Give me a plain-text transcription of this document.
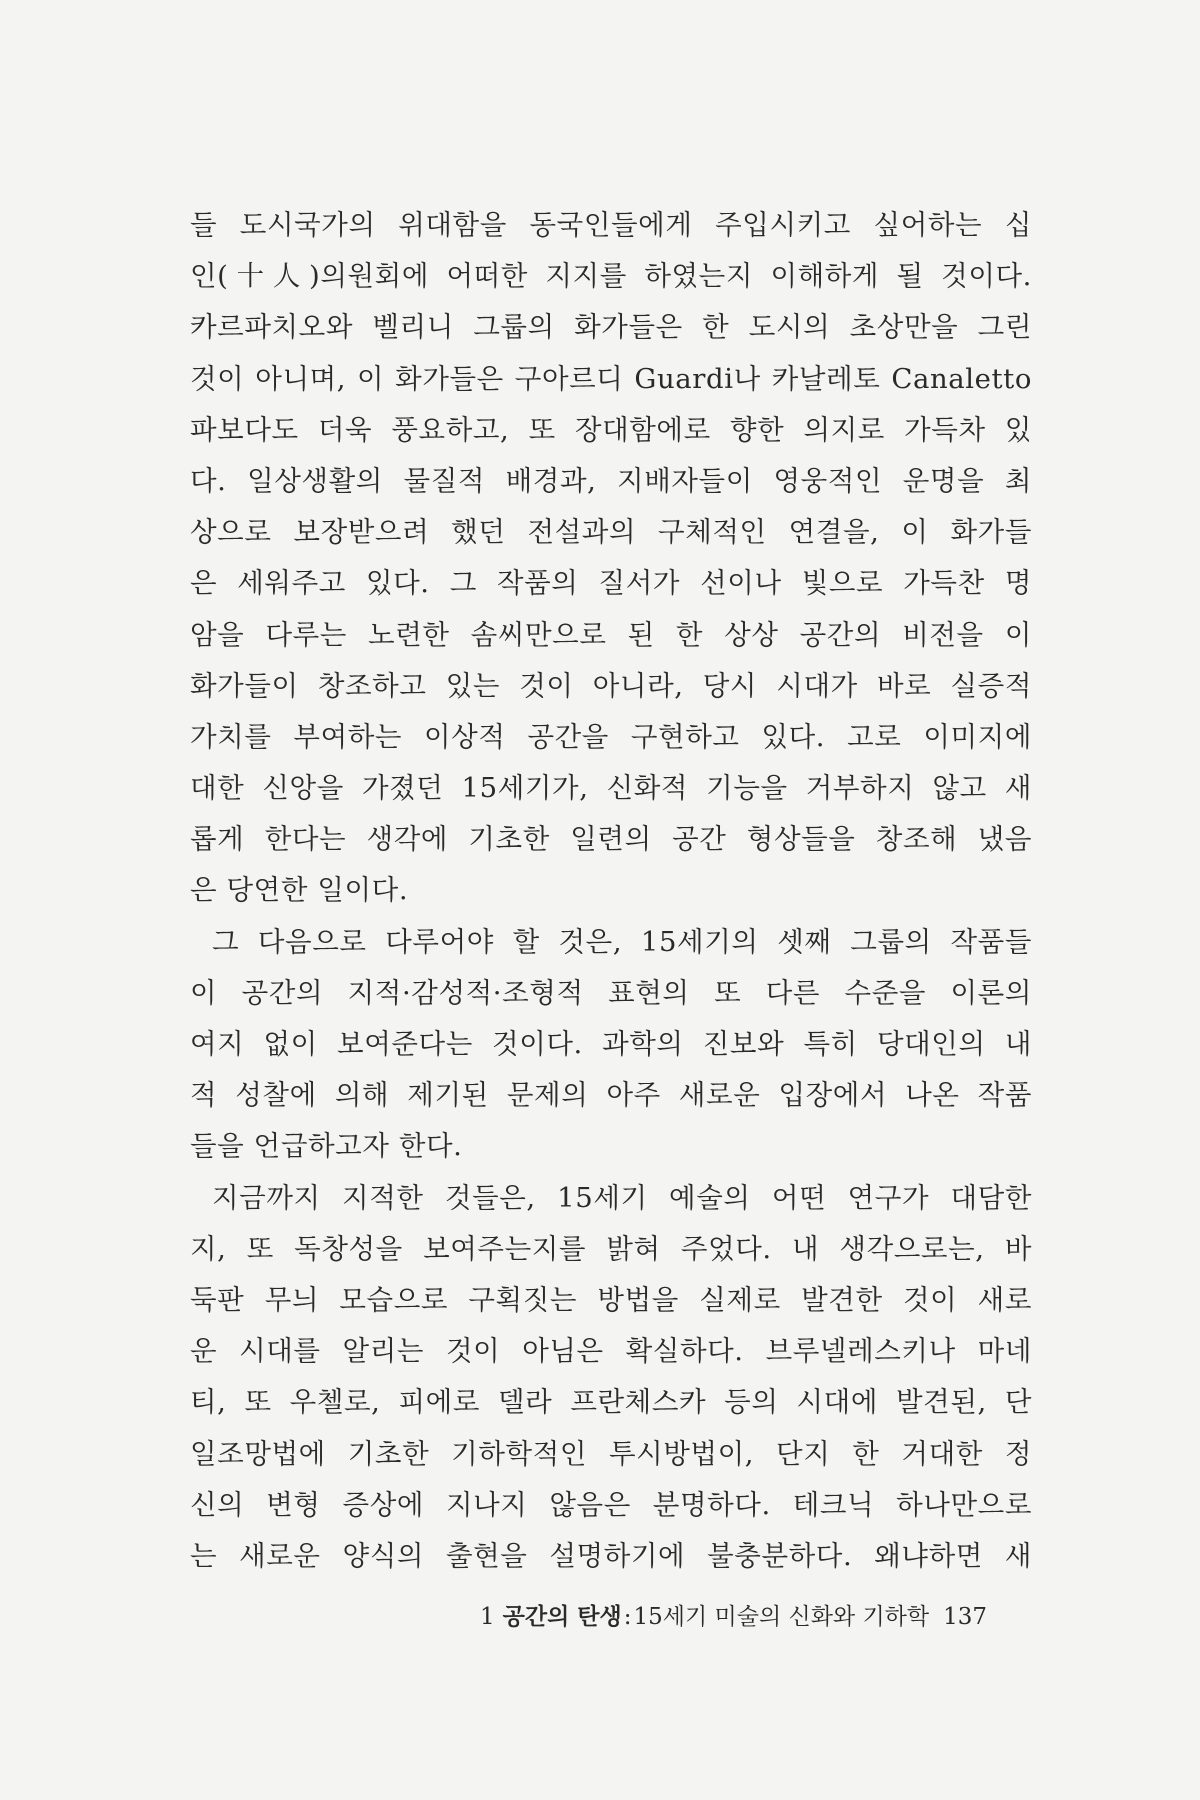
들 도시국가의 위대함을 동국인들에게 주입시키고 싶어하는 십
인(十人)의원회에 어떠한 지지를 하였는지 이해하게 될 것이다.
카르파치오와 벨리니 그룹의 화가들은 한 도시의 초상만을 그린
것이 아니며, 이 화가들은 구아르디 Guardi나 카날레토 Canaletto
파보다도 더욱 풍요하고, 또 장대함에로 향한 의지로 가득차 있
다. 일상생활의 물질적 배경과, 지배자들이 영웅적인 운명을 최
상으로 보장받으려 했던 전설과의 구체적인 연결을, 이 화가들
은 세워주고 있다. 그 작품의 질서가 선이나 빛으로 가득찬 명
암을 다루는 노련한 솜씨만으로 된 한 상상 공간의 비전을 이
화가들이 창조하고 있는 것이 아니라, 당시 시대가 바로 실증적
가치를 부여하는 이상적 공간을 구현하고 있다. 고로 이미지에
대한 신앙을 가졌던 15세기가, 신화적 기능을 거부하지 않고 새
롭게 한다는 생각에 기초한 일련의 공간 형상들을 창조해 냈음
은 당연한 일이다.
그 다음으로 다루어야 할 것은, 15세기의 셋째 그룹의 작품들
이 공간의 지적·감성적·조형적 표현의 또 다른 수준을 이론의
여지 없이 보여준다는 것이다. 과학의 진보와 특히 당대인의 내
적 성찰에 의해 제기된 문제의 아주 새로운 입장에서 나온 작품
들을 언급하고자 한다.
지금까지 지적한 것들은, 15세기 예술의 어떤 연구가 대담한
지, 또 독창성을 보여주는지를 밝혀 주었다. 내 생각으로는, 바
둑판 무늬 모습으로 구획짓는 방법을 실제로 발견한 것이 새로
운 시대를 알리는 것이 아님은 확실하다. 브루넬레스키나 마네
티, 또 우첼로, 피에로 델라 프란체스카 등의 시대에 발견된, 단
일조망법에 기초한 기하학적인 투시방법이, 단지 한 거대한 정
신의 변형 증상에 지나지 않음은 분명하다. 테크닉 하나만으로
는 새로운 양식의 출현을 설명하기에 불충분하다. 왜냐하면 새
1 공간의 탄생:15세기 미술의 신화와 기하학 137
